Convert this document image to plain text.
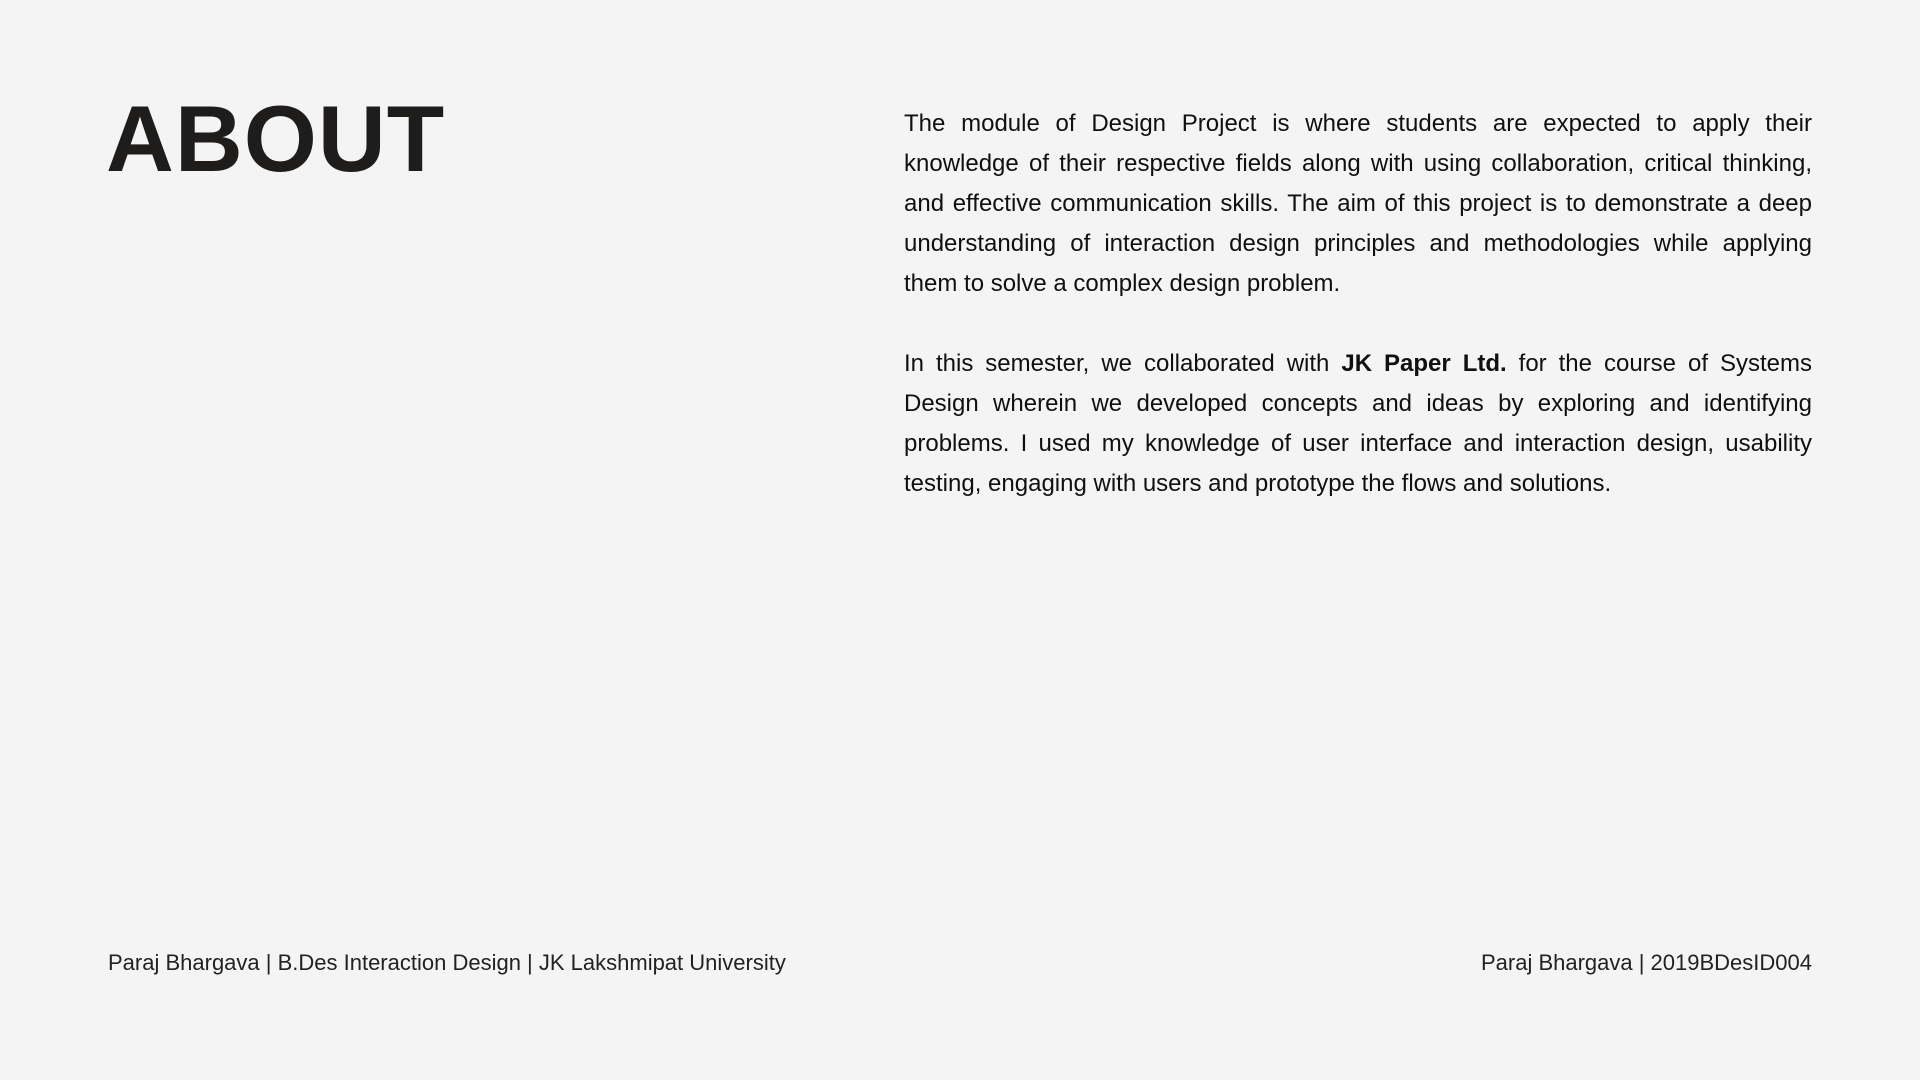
ABOUT	The module of Design Project is where students are expected to apply their knowledge of their respective fields along with using collaboration, critical thinking, and effective communication skills. The aim of this project is to demonstrate a deep understanding of interaction design principles and methodologies while applying them to solve a complex design problem.

In this semester, we collaborated with JK Paper Ltd. for the course of Systems Design wherein we developed concepts and ideas by exploring and identifying problems. I used my knowledge of user interface and interaction design, usability testing, engaging with users and prototype the flows and solutions.

Paraj Bhargava | B.Des Interaction Design | JK Lakshmipat University	Paraj Bhargava | 2019BDesID004
